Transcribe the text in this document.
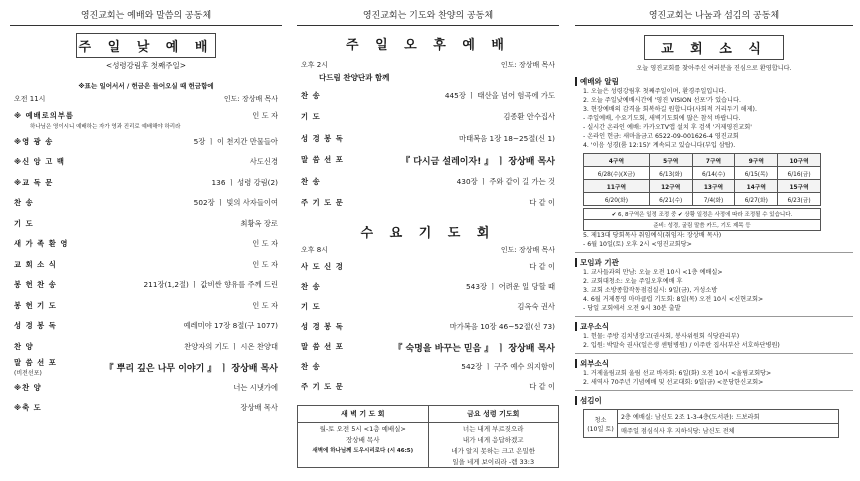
영진교회는 예배와 말씀의 공동체
주 일 낮 예 배
<성령강림후 첫째주일>
※표는 일어서서 / 헌금은 들어오실 때 헌금함에
오전 11시	인도: 장상배 목사
※ 예배로의부름	인 도 자
하나님은 영이시니 예배하는 자가 영과 진리로 예배해야 하리라
※영 광 송	5장 ㅣ 이 천지간 만물들아
※신 앙 고 백	사도신경
※교 독 문	136 ㅣ 성령 강림(2)
찬 송	502장 ㅣ 빛의 사자들이여
기 도	최황옥 장로
새 가 족 환 영	인 도 자
교 회 소 식	인 도 자
봉 헌 찬 송	211장(1,2절) ㅣ 값비싼 향유를 주께 드린
봉 헌 기 도	인 도 자
성 경 봉 독	예레미야 17장 8절(구 1077)
찬 양	찬양자의 기도 ㅣ 시온 찬양대
말 씀 선 포
(비전선포)	『 뿌리 깊은 나무 이야기 』 ㅣ 장상배 목사
※찬 양	너는 시냇가에
※축 도	장상배 목사
영진교회는 기도와 찬양의 공동체
주 일 오 후 예 배
오후 2시	인도: 장상배 목사
다드림 찬양단과 함께
찬 송	445장 ㅣ 태산을 넘어 험곡에 가도
기 도	김종환 안수집사
성 경 봉 독	마태복음 1장 18~25절(신 1)
말 씀 선 포	『 다시금 설레이자! 』 ㅣ 장상배 목사
찬 송	430장 ㅣ 주와 같이 길 가는 것
주 기 도 문	다 같 이
수 요 기 도 회
오후 8시	인도: 장상배 목사
사 도 신 경	다 같 이
찬 송	543장 ㅣ 어려운 일 당할 때
기 도	김옥숙 권사
성 경 봉 독	마가복음 10장 46~52절(신 73)
말 씀 선 포	『 숙명을 바꾸는 믿음 』 ㅣ 장상배 목사
찬 송	542장 ㅣ 구주 예수 의지함이
주 기 도 문	다 같 이
새 벽 기 도 회
월-토 오전 5시 <1층 예배실>
장상배 목사
새벽에 하나님께 도우시리로다 (시 46:5)
금요 성령 기도회
너는 내게 부르짖으라
내가 네게 응답하겠고
네가 알지 못하는 크고 은밀한
일을 네게 보이리라 -렘 33:3
영진교회는 나눔과 섬김의 공동체
교 회 소 식
오늘 영진교회를 찾아주신 여러분을 진심으로 환영합니다.
예배와 알림
1. 오늘은 성령강림후 첫째주일이며, 환경주일입니다.
2. 오늘 주일낮예배시간에 '영진 VISION 선포'가 있습니다.
3. 현장예배의 감격을 회복하길 원합니다(사회적 거리두기 해제).
- 주일예배, 수요기도회, 새벽기도회에 많은 참석 바랍니다.
- 실시간 온라인 예배: 카카오TV앱 설치 후 검색 '거제영진교회'
- 온라인 헌금: 새마을금고 6522-09-001626-4 영진교회
4. '이음 성경(룸 12:15)' 계속되고 있습니다(부입 삼탑).
4구역	5구역	7구역	9구역	10구역
6/28(수)(X금)	6/13(화)	6/14(수)	6/15(목)	6/16(금)
11구역	12구역	13구역	14구역	15구역
6/20(화)	6/21(수)	7/4(화)	6/27(화)	6/23(금)
✔ 6, 8구역은 일정 조정 중 ✔ 상황 일정은 사정에 따라 조정될 수 있습니다.
준비: 성경, 굴림 말씀 카드, 기도 제목 등
5. 제13대 당회목사 취임예식(취임자: 장상배 목사)
- 6월 10일(토) 오후 2시 <영진교회당>
모임과 기관
1. 교사들과의 만남: 오늘 오전 10시 <1층 예배실>
2. 교회대청소: 오늘 주일오후예배 후
3. 교회 소방종합작동점검실시: 9일(금), 거성소방
4. 6월 거제통영 마마클럽 기도회: 8일(목) 오전 10시 <신현교회>
- 당일 교회에서 오전 9시 30분 출발
교우소식
1. 헌물: 주방 김치냉장고(권사회, 봉사위원회 식당관리부)
2. 입원: 박말숙 권사(일은생 센텀병원) / 이주란 집사(부산 서호하단병원)
외부소식
1. 거제울림교회 울림 선교 바자회: 6일(화) 오전 10시 <울림교회당>
2. 새역사 70주년 기념예배 및 선교대회: 9일(금) <문당한신교회>
섬김이
청소
(10일 토)
2층 예배실: 남신도 2조 1-3-4층(도서관): 드보라회
매주일 점심식사 후 지하식당: 남신도 전체
